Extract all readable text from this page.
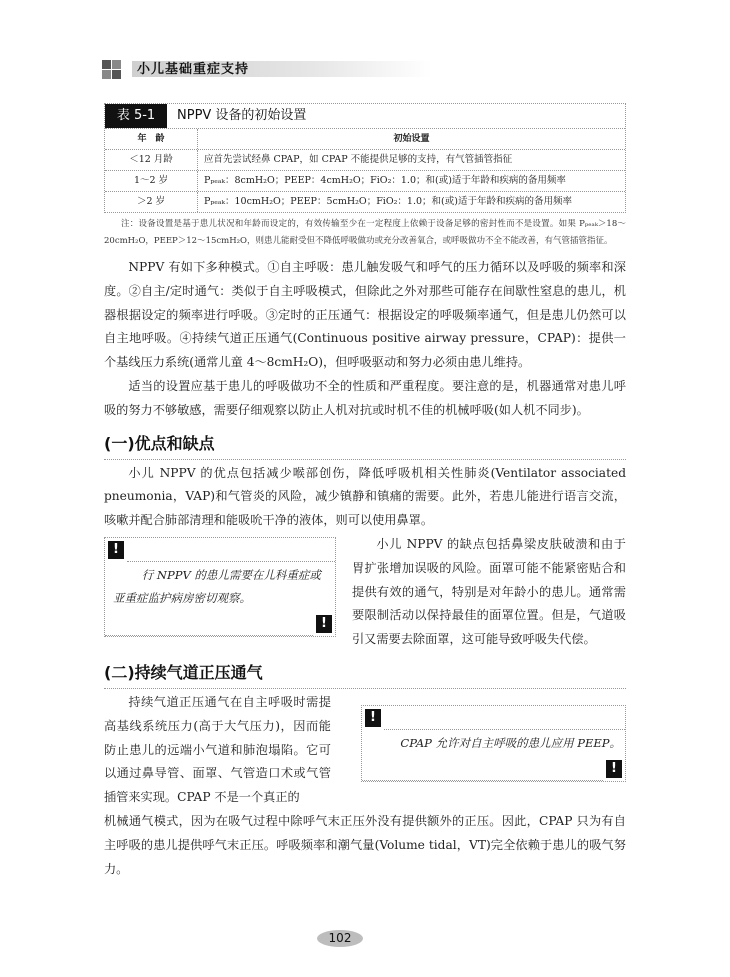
小儿基础重症支持
表 5-1	NPPV 设备的初始设置
年　龄	初始设置
＜12 月龄	应首先尝试经鼻 CPAP，如 CPAP 不能提供足够的支持，有气管插管指征
1～2 岁	Pₚₑₐₖ：8cmH₂O；PEEP：4cmH₂O；FiO₂：1.0；和(或)适于年龄和疾病的备用频率
＞2 岁	Pₚₑₐₖ：10cmH₂O；PEEP：5cmH₂O；FiO₂：1.0；和(或)适于年龄和疾病的备用频率
注：设备设置是基于患儿状况和年龄而设定的，有效传输至少在一定程度上依赖于设备足够的密封性而不是设置。如果 Pₚₑₐₖ＞18～20cmH₂O，PEEP＞12～15cmH₂O，则患儿能耐受但不降低呼吸做功或充分改善氧合，或呼吸做功不全不能改善，有气管插管指征。

NPPV 有如下多种模式。①自主呼吸：患儿触发吸气和呼气的压力循环以及呼吸的频率和深度。②自主/定时通气：类似于自主呼吸模式，但除此之外对那些可能存在间歇性窒息的患儿，机器根据设定的频率进行呼吸。③定时的正压通气：根据设定的呼吸频率通气，但是患儿仍然可以自主地呼吸。④持续气道正压通气(Continuous positive airway pressure，CPAP)：提供一个基线压力系统(通常儿童 4～8cmH₂O)，但呼吸驱动和努力必须由患儿维持。

适当的设置应基于患儿的呼吸做功不全的性质和严重程度。要注意的是，机器通常对患儿呼吸的努力不够敏感，需要仔细观察以防止人机对抗或时机不佳的机械呼吸(如人机不同步)。

(一)优点和缺点

小儿 NPPV 的优点包括减少喉部创伤，降低呼吸机相关性肺炎(Ventilator associated pneumonia，VAP)和气管炎的风险，减少镇静和镇痛的需要。此外，若患儿能进行语言交流，咳嗽并配合肺部清理和能吸吮干净的液体，则可以使用鼻罩。

!
行 NPPV 的患儿需要在儿科重症或亚重症监护病房密切观察。
!

小儿 NPPV 的缺点包括鼻梁皮肤破溃和由于胃扩张增加误吸的风险。面罩可能不能紧密贴合和提供有效的通气，特别是对年龄小的患儿。通常需要限制活动以保持最佳的面罩位置。但是，气道吸引又需要去除面罩，这可能导致呼吸失代偿。

(二)持续气道正压通气
!
CPAP 允许对自主呼吸的患儿应用 PEEP。
!

持续气道正压通气在自主呼吸时需提高基线系统压力(高于大气压力)，因而能防止患儿的远端小气道和肺泡塌陷。它可以通过鼻导管、面罩、气管造口术或气管插管来实现。CPAP 不是一个真正的

机械通气模式，因为在吸气过程中除呼气末正压外没有提供额外的正压。因此，CPAP 只为有自主呼吸的患儿提供呼气末正压。呼吸频率和潮气量(Volume tidal，VT)完全依赖于患儿的吸气努力。

102
